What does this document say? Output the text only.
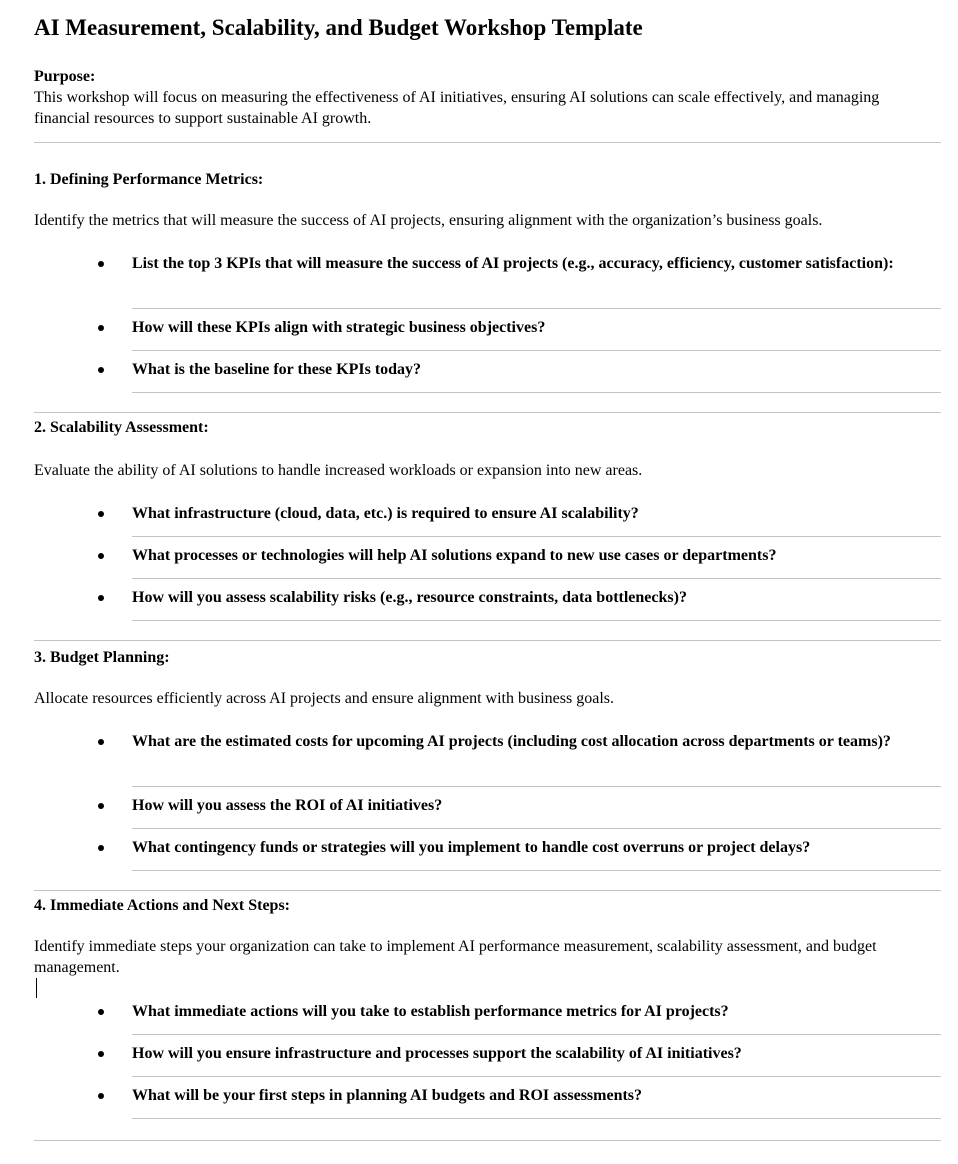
AI Measurement, Scalability, and Budget Workshop Template
Purpose:
This workshop will focus on measuring the effectiveness of AI initiatives, ensuring AI solutions can scale effectively, and managing financial resources to support sustainable AI growth.
1. Defining Performance Metrics:
Identify the metrics that will measure the success of AI projects, ensuring alignment with the organization’s business goals.
List the top 3 KPIs that will measure the success of AI projects (e.g., accuracy, efficiency, customer satisfaction):
How will these KPIs align with strategic business objectives?
What is the baseline for these KPIs today?
2. Scalability Assessment:
Evaluate the ability of AI solutions to handle increased workloads or expansion into new areas.
What infrastructure (cloud, data, etc.) is required to ensure AI scalability?
What processes or technologies will help AI solutions expand to new use cases or departments?
How will you assess scalability risks (e.g., resource constraints, data bottlenecks)?
3. Budget Planning:
Allocate resources efficiently across AI projects and ensure alignment with business goals.
What are the estimated costs for upcoming AI projects (including cost allocation across departments or teams)?
How will you assess the ROI of AI initiatives?
What contingency funds or strategies will you implement to handle cost overruns or project delays?
4. Immediate Actions and Next Steps:
Identify immediate steps your organization can take to implement AI performance measurement, scalability assessment, and budget management.
What immediate actions will you take to establish performance metrics for AI projects?
How will you ensure infrastructure and processes support the scalability of AI initiatives?
What will be your first steps in planning AI budgets and ROI assessments?
